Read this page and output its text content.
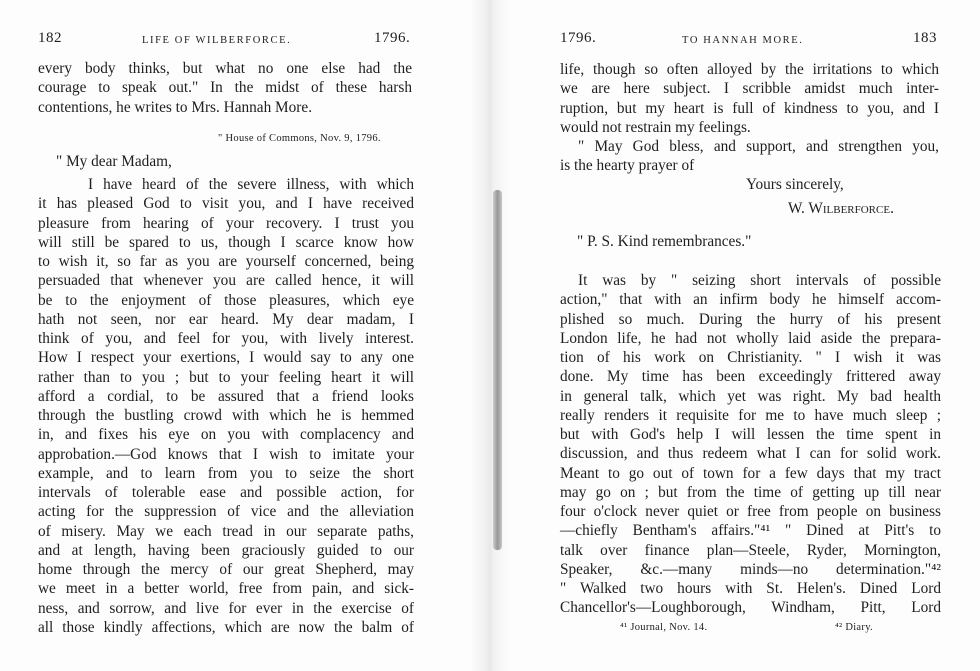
182	LIFE OF WILBERFORCE.	1796.
every body thinks, but what no one else had the
courage to speak out." In the midst of these harsh
contentions, he writes to Mrs. Hannah More.
" House of Commons, Nov. 9, 1796.
" My dear Madam,
I have heard of the severe illness, with which
it has pleased God to visit you, and I have received
pleasure from hearing of your recovery. I trust you
will still be spared to us, though I scarce know how
to wish it, so far as you are yourself concerned, being
persuaded that whenever you are called hence, it will
be to the enjoyment of those pleasures, which eye
hath not seen, nor ear heard. My dear madam, I
think of you, and feel for you, with lively interest.
How I respect your exertions, I would say to any one
rather than to you ; but to your feeling heart it will
afford a cordial, to be assured that a friend looks
through the bustling crowd with which he is hemmed
in, and fixes his eye on you with complacency and
approbation.—God knows that I wish to imitate your
example, and to learn from you to seize the short
intervals of tolerable ease and possible action, for
acting for the suppression of vice and the alleviation
of misery. May we each tread in our separate paths,
and at length, having been graciously guided to our
home through the mercy of our great Shepherd, may
we meet in a better world, free from pain, and sick-
ness, and sorrow, and live for ever in the exercise of
all those kindly affections, which are now the balm of
1796.	TO HANNAH MORE.	183
life, though so often alloyed by the irritations to which
we are here subject. I scribble amidst much inter-
ruption, but my heart is full of kindness to you, and I
would not restrain my feelings.
" May God bless, and support, and strengthen you,
is the hearty prayer of
Yours sincerely,
W. Wilberforce.
" P. S. Kind remembrances."
It was by " seizing short intervals of possible
action," that with an infirm body he himself accom-
plished so much. During the hurry of his present
London life, he had not wholly laid aside the prepara-
tion of his work on Christianity. " I wish it was
done. My time has been exceedingly frittered away
in general talk, which yet was right. My bad health
really renders it requisite for me to have much sleep ;
but with God's help I will lessen the time spent in
discussion, and thus redeem what I can for solid work.
Meant to go out of town for a few days that my tract
may go on ; but from the time of getting up till near
four o'clock never quiet or free from people on business
—chiefly Bentham's affairs."⁴¹ " Dined at Pitt's to
talk over finance plan—Steele, Ryder, Mornington,
Speaker, &c.—many minds—no determination."⁴²
" Walked two hours with St. Helen's. Dined Lord
Chancellor's—Loughborough, Windham, Pitt, Lord
⁴¹ Journal, Nov. 14.	⁴² Diary.
